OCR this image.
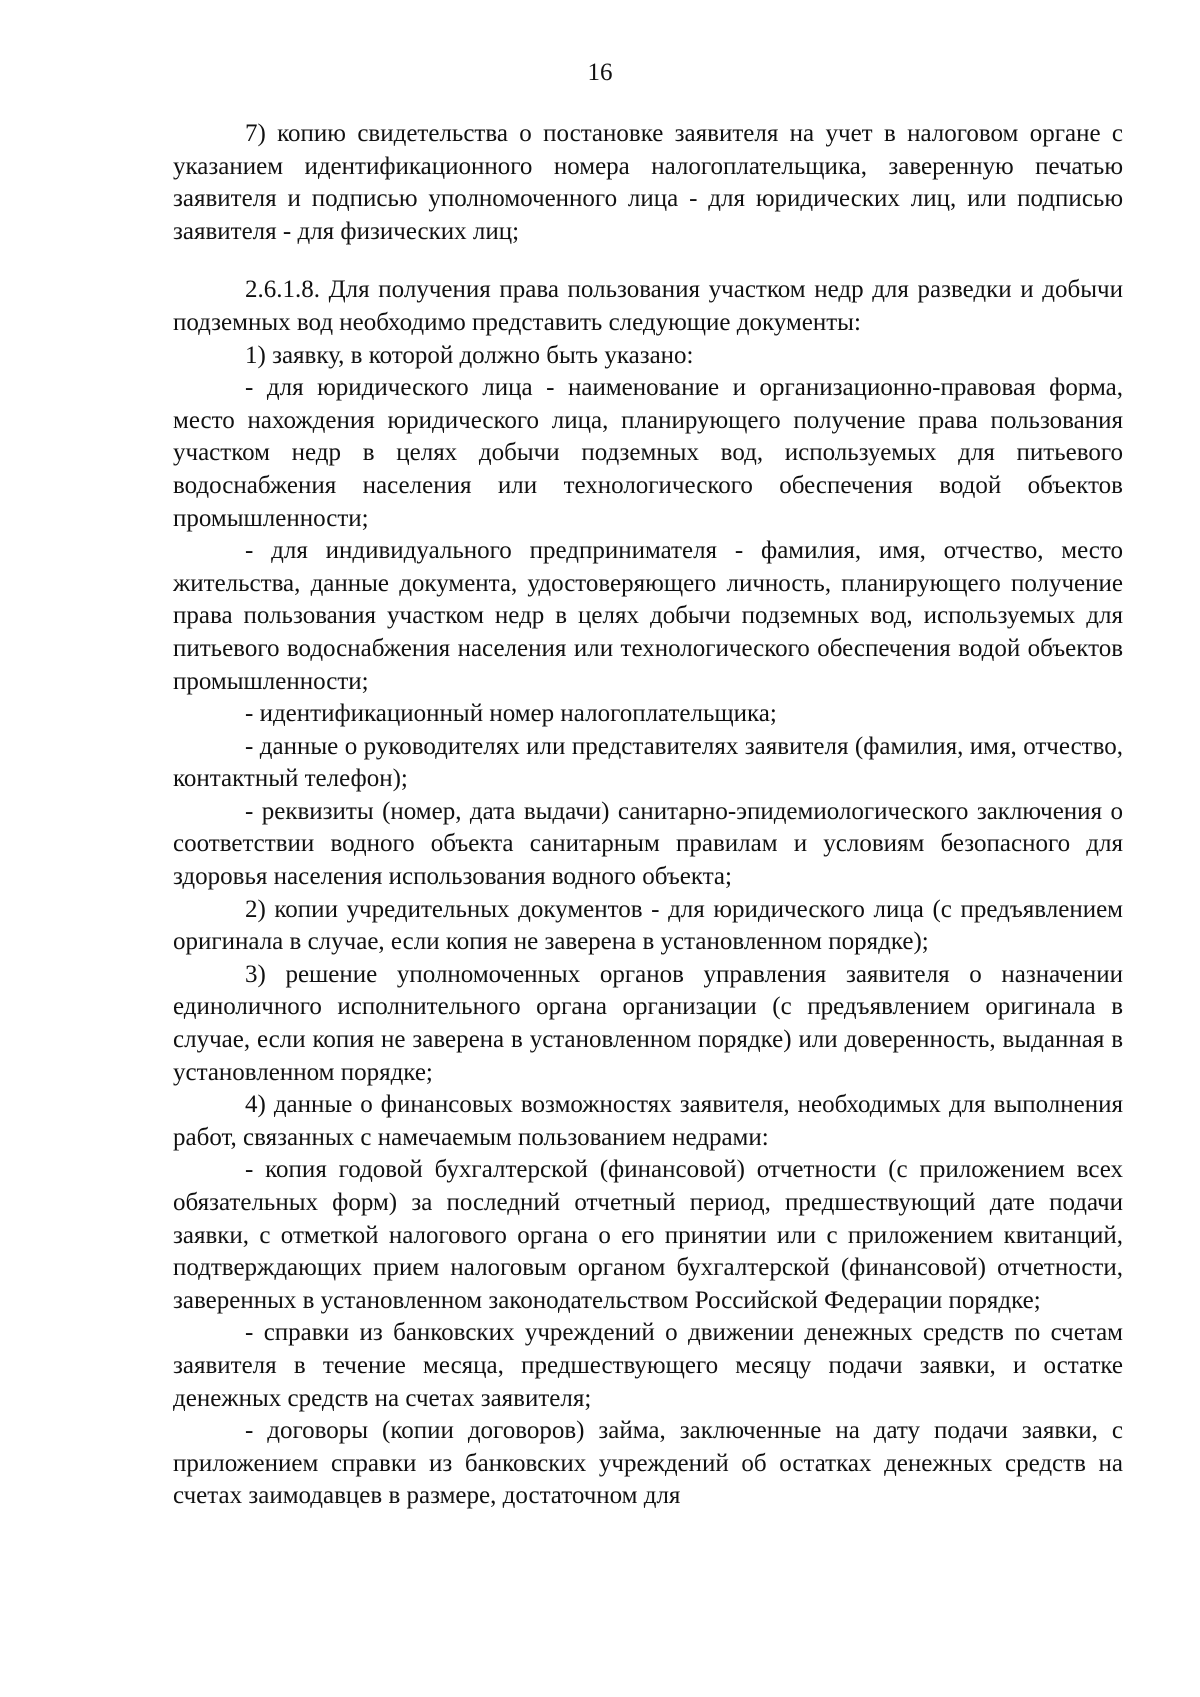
16

7) копию свидетельства о постановке заявителя на учет в налоговом органе с указанием идентификационного номера налогоплательщика, заверенную печатью заявителя и подписью уполномоченного лица - для юридических лиц, или подписью заявителя - для физических лиц;

2.6.1.8. Для получения права пользования участком недр для разведки и добычи подземных вод необходимо представить следующие документы:

1) заявку, в которой должно быть указано:

- для юридического лица - наименование и организационно-правовая форма, место нахождения юридического лица, планирующего получение права пользования участком недр в целях добычи подземных вод, используемых для питьевого водоснабжения населения или технологического обеспечения водой объектов промышленности;

- для индивидуального предпринимателя - фамилия, имя, отчество, место жительства, данные документа, удостоверяющего личность, планирующего получение права пользования участком недр в целях добычи подземных вод, используемых для питьевого водоснабжения населения или технологического обеспечения водой объектов промышленности;

- идентификационный номер налогоплательщика;

- данные о руководителях или представителях заявителя (фамилия, имя, отчество, контактный телефон);

- реквизиты (номер, дата выдачи) санитарно-эпидемиологического заключения о соответствии водного объекта санитарным правилам и условиям безопасного для здоровья населения использования водного объекта;

2) копии учредительных документов - для юридического лица (с предъявлением оригинала в случае, если копия не заверена в установленном порядке);

3) решение уполномоченных органов управления заявителя о назначении единоличного исполнительного органа организации (с предъявлением оригинала в случае, если копия не заверена в установленном порядке) или доверенность, выданная в установленном порядке;

4) данные о финансовых возможностях заявителя, необходимых для выполнения работ, связанных с намечаемым пользованием недрами:

- копия годовой бухгалтерской (финансовой) отчетности (с приложением всех обязательных форм) за последний отчетный период, предшествующий дате подачи заявки, с отметкой налогового органа о его принятии или с приложением квитанций, подтверждающих прием налоговым органом бухгалтерской (финансовой) отчетности, заверенных в установленном законодательством Российской Федерации порядке;

- справки из банковских учреждений о движении денежных средств по счетам заявителя в течение месяца, предшествующего месяцу подачи заявки, и остатке денежных средств на счетах заявителя;

- договоры (копии договоров) займа, заключенные на дату подачи заявки, с приложением справки из банковских учреждений об остатках денежных средств на счетах заимодавцев в размере, достаточном для
